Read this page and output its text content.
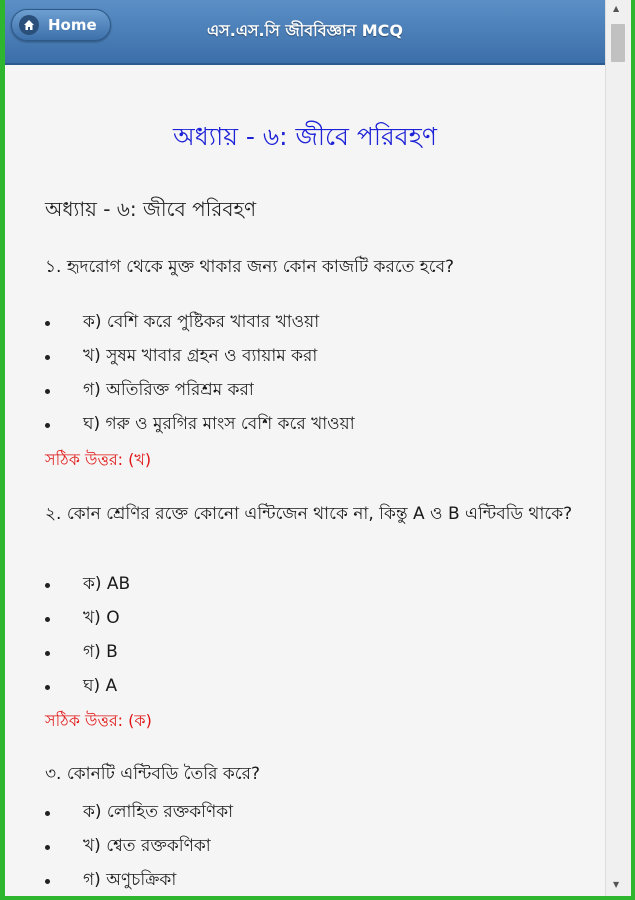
Home	এস.এস.সি জীববিজ্ঞান MCQ
অধ্যায় - ৬: জীবে পরিবহণ
অধ্যায় - ৬: জীবে পরিবহণ
১. হৃদরোগ থেকে মুক্ত থাকার জন্য কোন কাজটি করতে হবে?
ক) বেশি করে পুষ্টিকর খাবার খাওয়া
খ) সুষম খাবার গ্রহন ও ব্যায়াম করা
গ) অতিরিক্ত পরিশ্রম করা
ঘ) গরু ও মুরগির মাংস বেশি করে খাওয়া
সঠিক উত্তর: (খ)
২. কোন শ্রেণির রক্তে কোনো এন্টিজেন থাকে না, কিন্তু A ও B এন্টিবডি থাকে?
ক) AB
খ) O
গ) B
ঘ) A
সঠিক উত্তর: (ক)
৩. কোনটি এন্টিবডি তৈরি করে?
ক) লোহিত রক্তকণিকা
খ) শ্বেত রক্তকণিকা
গ) অণুচক্রিকা
▲
▼
